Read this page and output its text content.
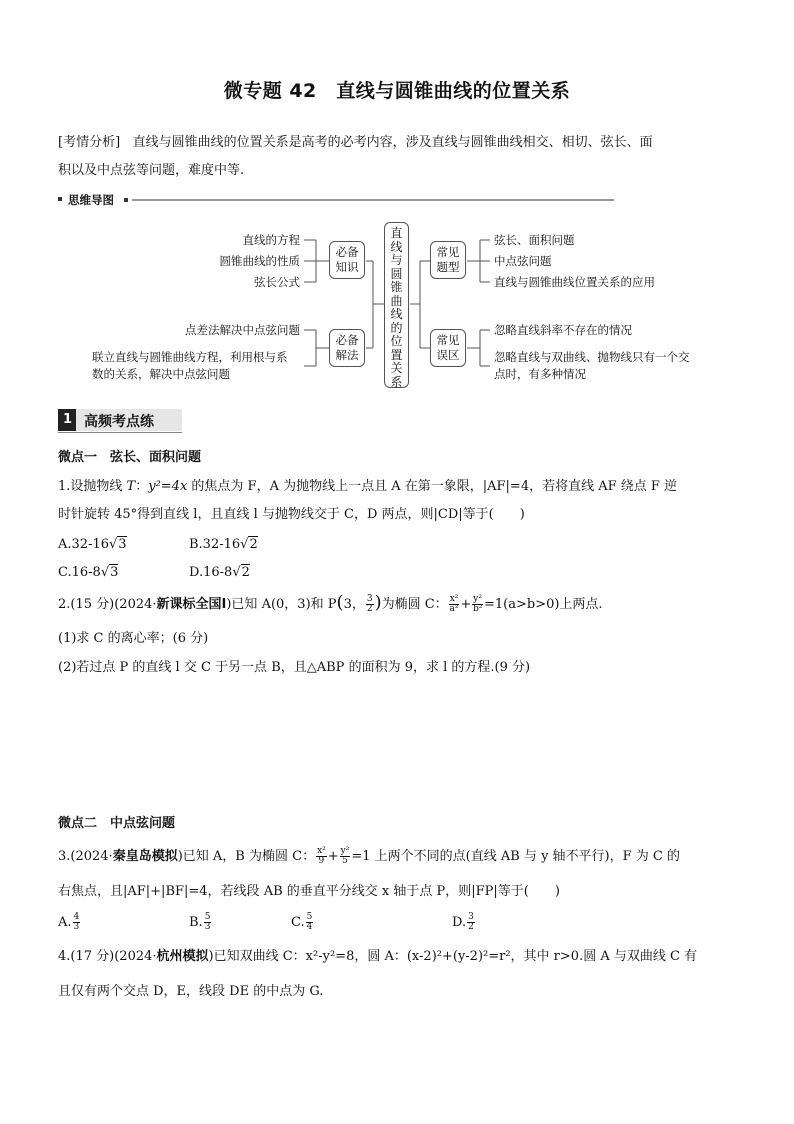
微专题 42　直线与圆锥曲线的位置关系
[考情分析] 直线与圆锥曲线的位置关系是高考的必考内容，涉及直线与圆锥曲线相交、相切、弦长、面
积以及中点弦等问题，难度中等.
思维导图
直线的方程
圆锥曲线的性质
弦长公式
点差法解决中点弦问题
联立直线与圆锥曲线方程，利用根与系
数的关系，解决中点弦问题
必备
知识
必备
解法
常见
题型
常见
误区
直线与圆锥曲线的位置关系
弦长、面积问题
中点弦问题
直线与圆锥曲线位置关系的应用
忽略直线斜率不存在的情况
忽略直线与双曲线、抛物线只有一个交
点时，有多种情况
1 高频考点练
微点一　弦长、面积问题
1.设抛物线 T：y²=4x 的焦点为 F，A 为抛物线上一点且 A 在第一象限，|AF|=4，若将直线 AF 绕点 F 逆
时针旋转 45°得到直线 l，且直线 l 与抛物线交于 C，D 两点，则|CD|等于(　　)
A.32-16√3	B.32-16√2
C.16-8√3	D.16-8√2
2.(15 分)(2024·新课标全国Ⅰ)已知 A(0，3)和 P(3， $\frac{3}{2}$ )为椭圆 C： $\frac{\text{x²}}{\text{a²}} + \frac{\text{y²}}{\text{b²}} =1(a>b>0)$上两点.
(1)求 C 的离心率；(6 分)
(2)若过点 P 的直线 l 交 C 于另一点 B，且△ABP 的面积为 9，求 l 的方程.(9 分)
微点二　中点弦问题
3.(2024·秦皇岛模拟)已知 A，B 为椭圆 C： $\frac{\text{x²}}{9} + \frac{\text{y²}}{5} =1$ 上两个不同的点(直线 AB 与 y 轴不平行)，F 为 C 的
右焦点，且|AF|+|BF|=4，若线段 AB 的垂直平分线交 x 轴于点 P，则|FP|等于(　　)
A. $\frac{4}{3}$	B. $\frac{5}{3}$	C. $\frac{5}{4}$	D. $\frac{3}{2}$
4.(17 分)(2024·杭州模拟)已知双曲线 C：x²-y²=8，圆 A：(x-2)²+(y-2)²=r²，其中 r>0.圆 A 与双曲线 C 有
且仅有两个交点 D，E，线段 DE 的中点为 G.
